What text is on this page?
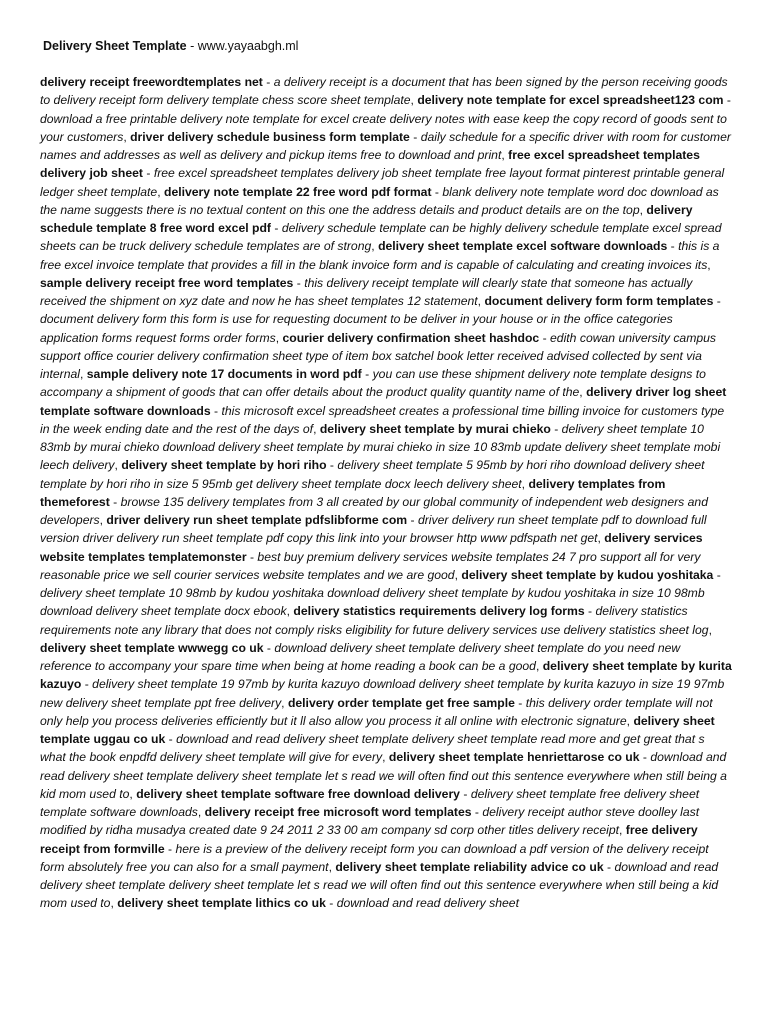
Delivery Sheet Template - www.yayaabgh.ml
delivery receipt freewordtemplates net - a delivery receipt is a document that has been signed by the person receiving goods to delivery receipt form delivery template chess score sheet template, delivery note template for excel spreadsheet123 com - download a free printable delivery note template for excel create delivery notes with ease keep the copy record of goods sent to your customers, driver delivery schedule business form template - daily schedule for a specific driver with room for customer names and addresses as well as delivery and pickup items free to download and print, free excel spreadsheet templates delivery job sheet - free excel spreadsheet templates delivery job sheet template free layout format pinterest printable general ledger sheet template, delivery note template 22 free word pdf format - blank delivery note template word doc download as the name suggests there is no textual content on this one the address details and product details are on the top, delivery schedule template 8 free word excel pdf - delivery schedule template can be highly delivery schedule template excel spread sheets can be truck delivery schedule templates are of strong, delivery sheet template excel software downloads - this is a free excel invoice template that provides a fill in the blank invoice form and is capable of calculating and creating invoices its, sample delivery receipt free word templates - this delivery receipt template will clearly state that someone has actually received the shipment on xyz date and now he has sheet templates 12 statement, document delivery form form templates - document delivery form this form is use for requesting document to be deliver in your house or in the office categories application forms request forms order forms, courier delivery confirmation sheet hashdoc - edith cowan university campus support office courier delivery confirmation sheet type of item box satchel book letter received advised collected by sent via internal, sample delivery note 17 documents in word pdf - you can use these shipment delivery note template designs to accompany a shipment of goods that can offer details about the product quality quantity name of the, delivery driver log sheet template software downloads - this microsoft excel spreadsheet creates a professional time billing invoice for customers type in the week ending date and the rest of the days of, delivery sheet template by murai chieko - delivery sheet template 10 83mb by murai chieko download delivery sheet template by murai chieko in size 10 83mb update delivery sheet template mobi leech delivery, delivery sheet template by hori riho - delivery sheet template 5 95mb by hori riho download delivery sheet template by hori riho in size 5 95mb get delivery sheet template docx leech delivery sheet, delivery templates from themeforest - browse 135 delivery templates from 3 all created by our global community of independent web designers and developers, driver delivery run sheet template pdfslibforme com - driver delivery run sheet template pdf to download full version driver delivery run sheet template pdf copy this link into your browser http www pdfspath net get, delivery services website templates templatemonster - best buy premium delivery services website templates 24 7 pro support all for very reasonable price we sell courier services website templates and we are good, delivery sheet template by kudou yoshitaka - delivery sheet template 10 98mb by kudou yoshitaka download delivery sheet template by kudou yoshitaka in size 10 98mb download delivery sheet template docx ebook, delivery statistics requirements delivery log forms - delivery statistics requirements note any library that does not comply risks eligibility for future delivery services use delivery statistics sheet log, delivery sheet template wwwegg co uk - download delivery sheet template delivery sheet template do you need new reference to accompany your spare time when being at home reading a book can be a good, delivery sheet template by kurita kazuyo - delivery sheet template 19 97mb by kurita kazuyo download delivery sheet template by kurita kazuyo in size 19 97mb new delivery sheet template ppt free delivery, delivery order template get free sample - this delivery order template will not only help you process deliveries efficiently but it ll also allow you process it all online with electronic signature, delivery sheet template uggau co uk - download and read delivery sheet template delivery sheet template read more and get great that s what the book enpdfd delivery sheet template will give for every, delivery sheet template henriettarose co uk - download and read delivery sheet template delivery sheet template let s read we will often find out this sentence everywhere when still being a kid mom used to, delivery sheet template software free download delivery - delivery sheet template free delivery sheet template software downloads, delivery receipt free microsoft word templates - delivery receipt author steve doolley last modified by ridha musadya created date 9 24 2011 2 33 00 am company sd corp other titles delivery receipt, free delivery receipt from formville - here is a preview of the delivery receipt form you can download a pdf version of the delivery receipt form absolutely free you can also for a small payment, delivery sheet template reliability advice co uk - download and read delivery sheet template delivery sheet template let s read we will often find out this sentence everywhere when still being a kid mom used to, delivery sheet template lithics co uk - download and read delivery sheet
